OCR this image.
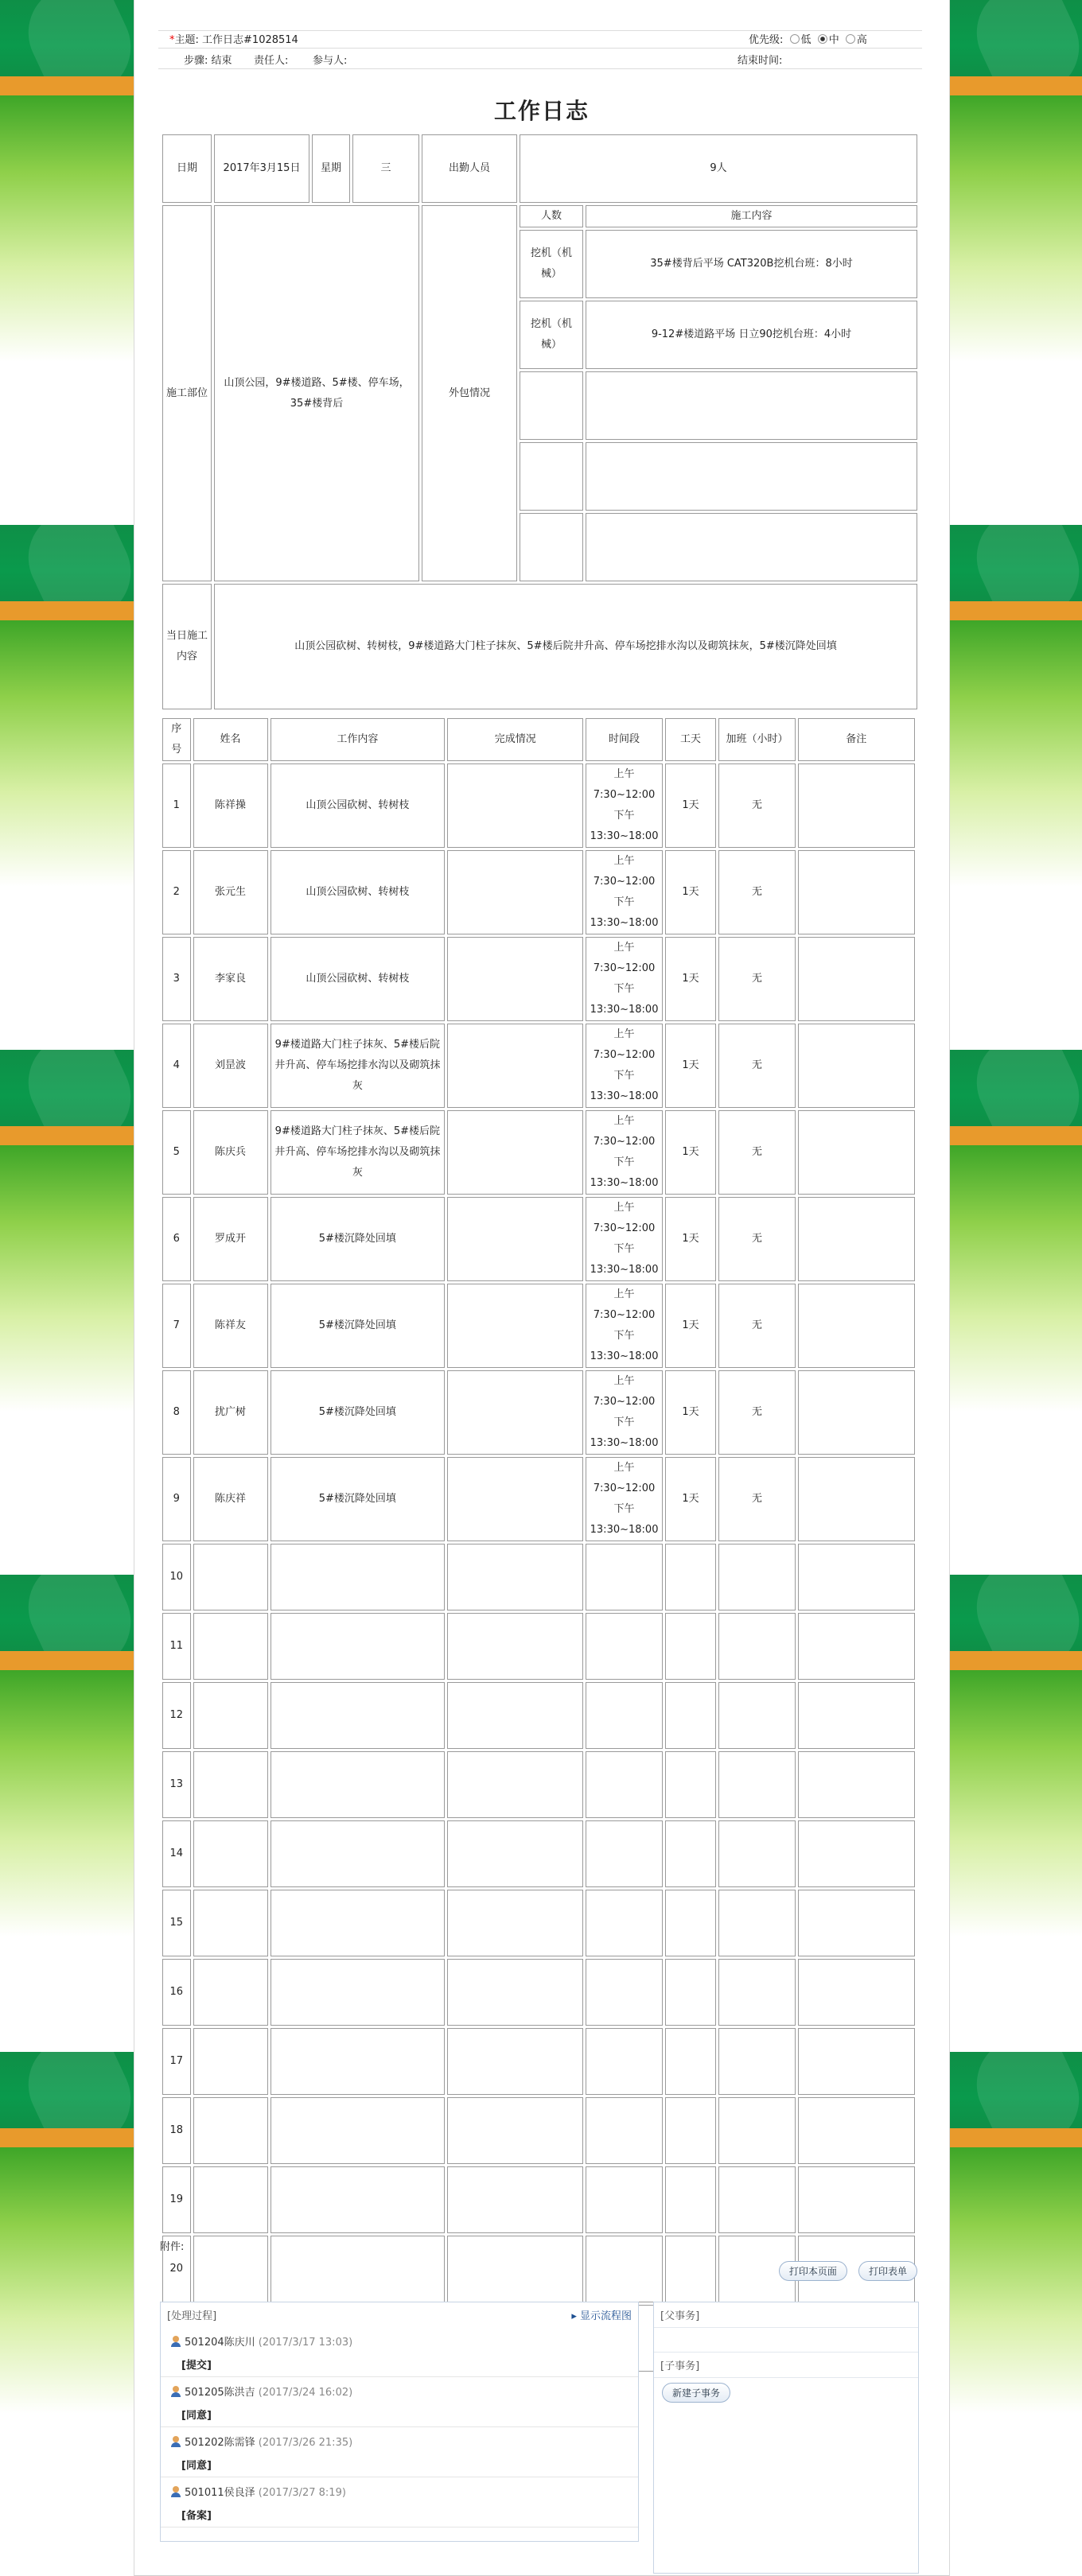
*主题: 工作日志#1028514	优先级: 低 中 高
步骤: 结束 责任人:	参与人:	结束时间:
工作日志
日期	2017年3月15日	星期	三	出勤人员	9人	
施工部位	山顶公园，9#楼道路、5#楼、停车场，35#楼背后			外包情况	人数	施工内容
					挖机（机械）	35#楼背后平场 CAT320B挖机台班：8小时
					挖机（机械）	9-12#楼道路平场 日立90挖机台班：4小时

当日施工内容	山顶公园砍树、转树枝，9#楼道路大门柱子抹灰、5#楼后院井升高、停车场挖排水沟以及砌筑抹灰，5#楼沉降处回填					
序号	姓名	工作内容	完成情况	时间段	工天	加班（小时）	备注
1	陈祥操	山顶公园砍树、转树枝		上午 7:30~12:00 下午 13:30~18:00	1天	无	
2	张元生	山顶公园砍树、转树枝		上午 7:30~12:00 下午 13:30~18:00	1天	无	
3	李家良	山顶公园砍树、转树枝		上午 7:30~12:00 下午 13:30~18:00	1天	无	
4	刘昰波	9#楼道路大门柱子抹灰、5#楼后院井升高、停车场挖排水沟以及砌筑抹灰		上午 7:30~12:00 下午 13:30~18:00	1天	无	
5	陈庆兵	9#楼道路大门柱子抹灰、5#楼后院井升高、停车场挖排水沟以及砌筑抹灰		上午 7:30~12:00 下午 13:30~18:00	1天	无	
6	罗成开	5#楼沉降处回填		上午 7:30~12:00 下午 13:30~18:00	1天	无	
7	陈祥友	5#楼沉降处回填		上午 7:30~12:00 下午 13:30~18:00	1天	无	
8	扰广树	5#楼沉降处回填		上午 7:30~12:00 下午 13:30~18:00	1天	无	
9	陈庆祥	5#楼沉降处回填		上午 7:30~12:00 下午 13:30~18:00	1天	无	
10							
11							
12							
13							
14							
15							
16							
17							
18							
19							
20							

附件:
打印本页面	打印表单
[处理过程]	▸ 显示流程图
501204陈庆川 (2017/3/17 13:03)
[提交]
501205陈洪吉 (2017/3/24 16:02)
[同意]
501202陈需锋 (2017/3/26 21:35)
[同意]
501011侯良泽 (2017/3/27 8:19)
[备案]
[父事务]
[子事务]
新建子事务
